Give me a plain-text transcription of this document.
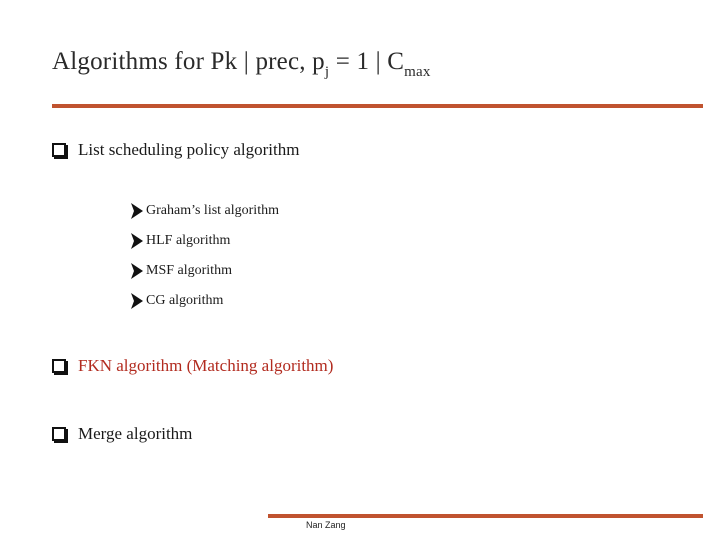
Algorithms for Pk | prec, $p_j = 1$ | $C_{max}$
List scheduling policy algorithm
Graham’s list algorithm
HLF algorithm
MSF algorithm
CG algorithm
FKN algorithm (Matching algorithm)
Merge algorithm
Nan Zang
